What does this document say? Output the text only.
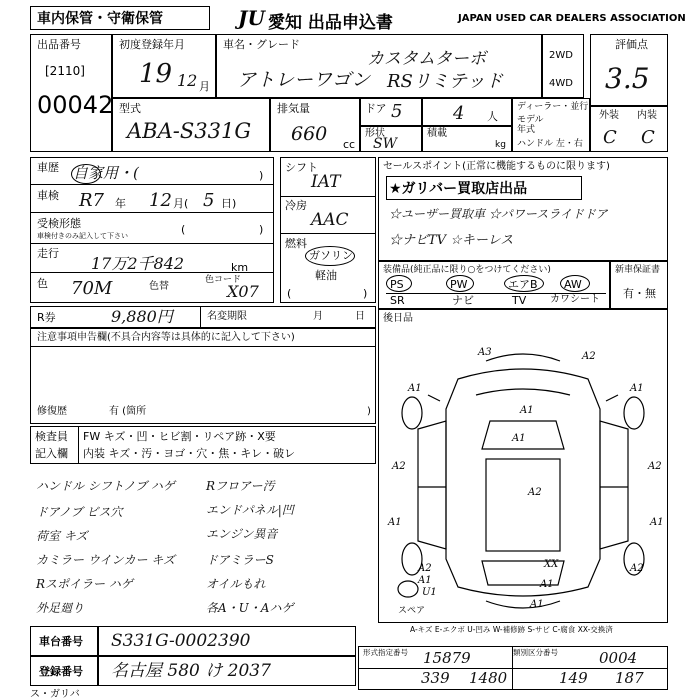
車内保管・守衛保管	JU 愛知 出品申込書	JAPAN USED CAR DEALERS ASSOCIATION
出品番号
[2110]
00042
初度登録年月
19 12 月
車名・グレード
カスタムターボ
アトレーワゴン RSリミテッド
2WD
4WD
評価点
3.5
型式
ABA-S331G
排気量
660 cc
ドア 5	4 人
形状
SW
積載
kg
ディーラー・並行
モデル
年式
ハンドル 左・右
外装 内装
C C
車歴 自家用・(	)
車検 R7 年 12 月( 5 日)
受検形態
車検付きのみ記入して下さい	(	)
走行
17万2千842	km
色 70M	色替
色コード
X07
シフト
IAT
冷房
AAC
燃料
ガソリン
軽油
(	)
セールスポイント(正常に機能するものに限ります)
★ガリバー買取店出品
☆ユーザー買取車 ☆パワースライドドア
☆ナビTV ☆キーレス
装備品(純正品に限り○をつけてください)	新車保証書
有・無
PS	PW	エアB AW
SR	ナビ	TV カワシート
R券	9,880円	名変期限	月	日
注意事項申告欄(不具合内容等は具体的に記入して下さい)
修復歴	有 (箇所	)
後日品
検査員
記入欄
FW キズ・凹・ヒビ割・リペア跡・X要
内装 キズ・汚・ヨゴ・穴・焦・キレ・破レ
ハンドル シフトノブ ハゲ
ドアノブ ビス穴
荷室 キズ
カミラー ウインカー キズ
Rスポイラー ハゲ
外足廻り
Rフロアー汚
エンドパネル|凹
エンジン異音
ドアミラーS
オイルもれ
各A・U・Aハゲ
A3	A2
A1	A1
A2	A2
A1	A1
A1
A1
A2
A2
A1
A2
U1
A1
A1
XX
スペア
A-キズ E-エクボ U-凹み W-補修跡 S-サビ C-腐食 XX-交換済
車台番号 S331G-0002390
登録番号 名古屋 580 け 2037
ス・ガリバ
形式指定番号	類別区分番号
15879	0004
339 1480	149 187
